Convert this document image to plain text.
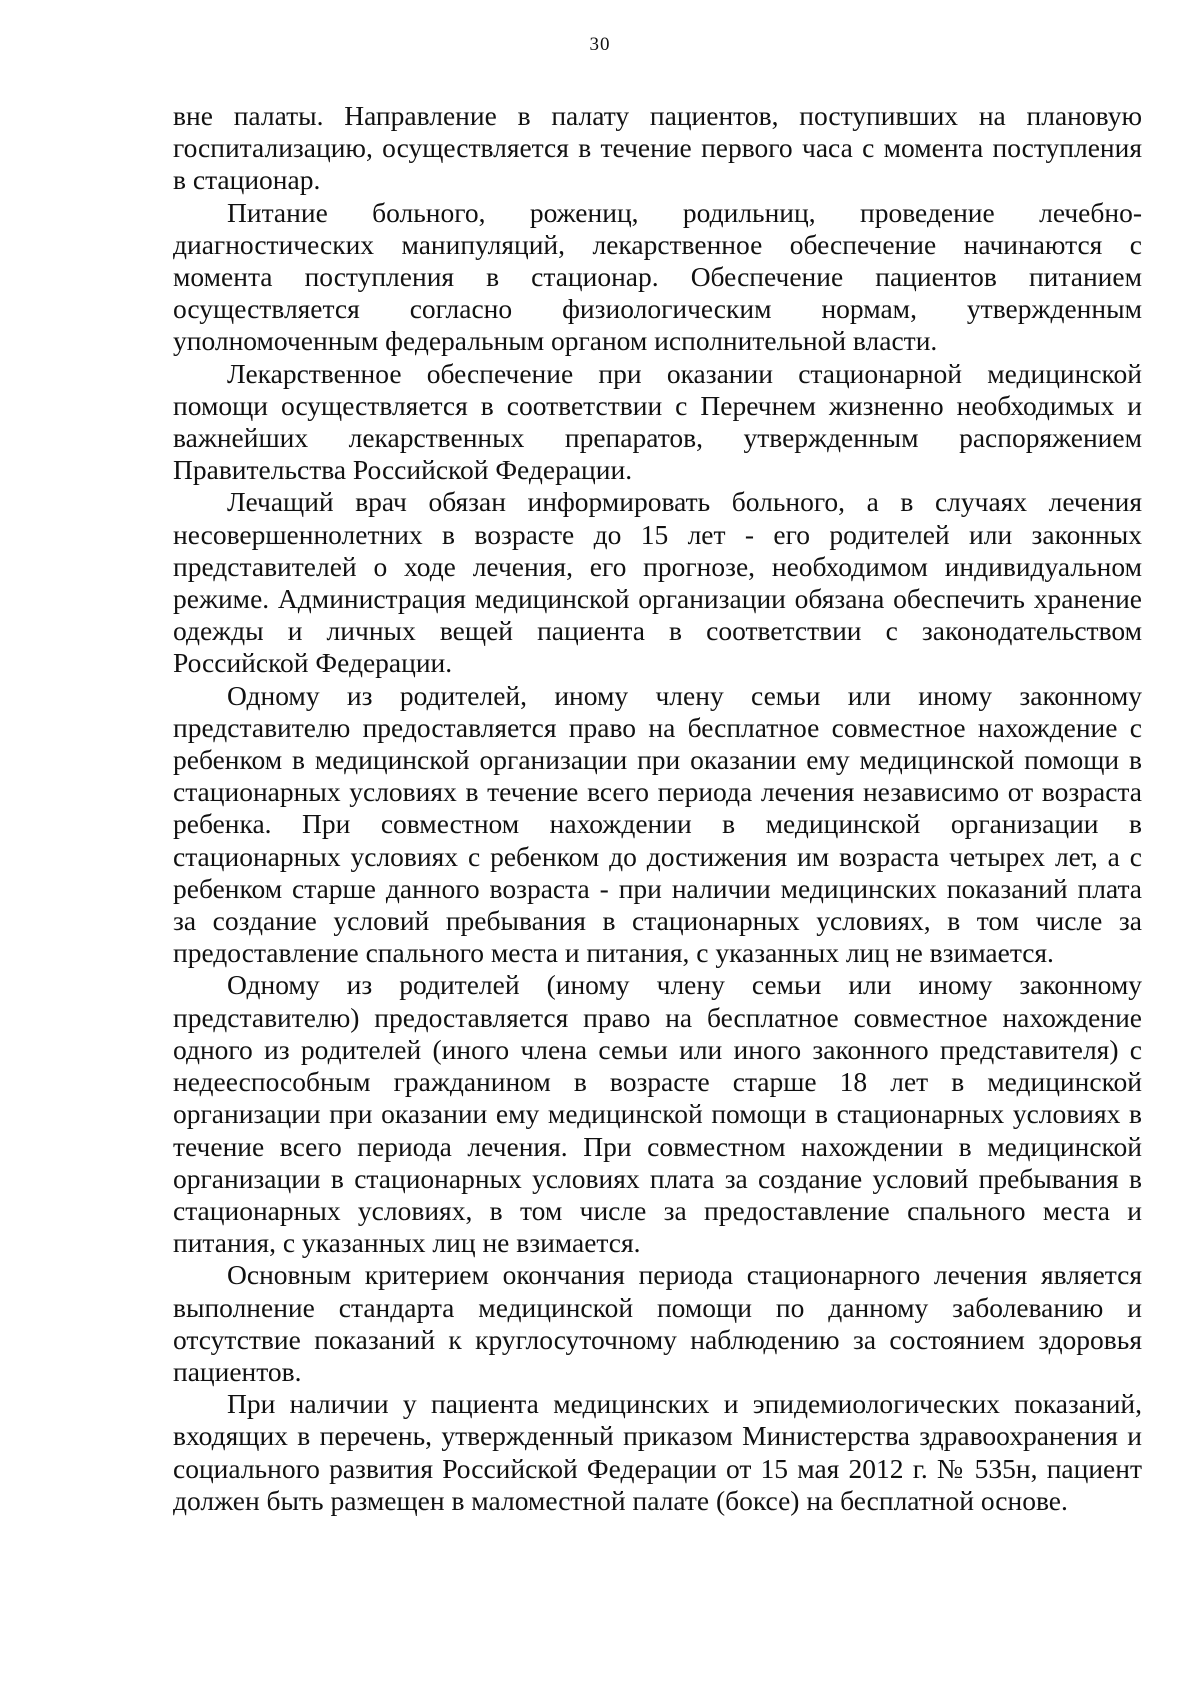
30

вне палаты. Направление в палату пациентов, поступивших на плановую госпитализацию, осуществляется в течение первого часа с момента поступления в стационар.

Питание больного, рожениц, родильниц, проведение лечебно-диагностических манипуляций, лекарственное обеспечение начинаются с момента поступления в стационар. Обеспечение пациентов питанием осуществляется согласно физиологическим нормам, утвержденным уполномоченным федеральным органом исполнительной власти.

Лекарственное обеспечение при оказании стационарной медицинской помощи осуществляется в соответствии с Перечнем жизненно необходимых и важнейших лекарственных препаратов, утвержденным распоряжением Правительства Российской Федерации.

Лечащий врач обязан информировать больного, а в случаях лечения несовершеннолетних в возрасте до 15 лет - его родителей или законных представителей о ходе лечения, его прогнозе, необходимом индивидуальном режиме. Администрация медицинской организации обязана обеспечить хранение одежды и личных вещей пациента в соответствии с законодательством Российской Федерации.

Одному из родителей, иному члену семьи или иному законному представителю предоставляется право на бесплатное совместное нахождение с ребенком в медицинской организации при оказании ему медицинской помощи в стационарных условиях в течение всего периода лечения независимо от возраста ребенка. При совместном нахождении в медицинской организации в стационарных условиях с ребенком до достижения им возраста четырех лет, а с ребенком старше данного возраста - при наличии медицинских показаний плата за создание условий пребывания в стационарных условиях, в том числе за предоставление спального места и питания, с указанных лиц не взимается.

Одному из родителей (иному члену семьи или иному законному представителю) предоставляется право на бесплатное совместное нахождение одного из родителей (иного члена семьи или иного законного представителя) с недееспособным гражданином в возрасте старше 18 лет в медицинской организации при оказании ему медицинской помощи в стационарных условиях в течение всего периода лечения. При совместном нахождении в медицинской организации в стационарных условиях плата за создание условий пребывания в стационарных условиях, в том числе за предоставление спального места и питания, с указанных лиц не взимается.

Основным критерием окончания периода стационарного лечения является выполнение стандарта медицинской помощи по данному заболеванию и отсутствие показаний к круглосуточному наблюдению за состоянием здоровья пациентов.

При наличии у пациента медицинских и эпидемиологических показаний, входящих в перечень, утвержденный приказом Министерства здравоохранения и социального развития Российской Федерации от 15 мая 2012 г. № 535н, пациент должен быть размещен в маломестной палате (боксе) на бесплатной основе.
